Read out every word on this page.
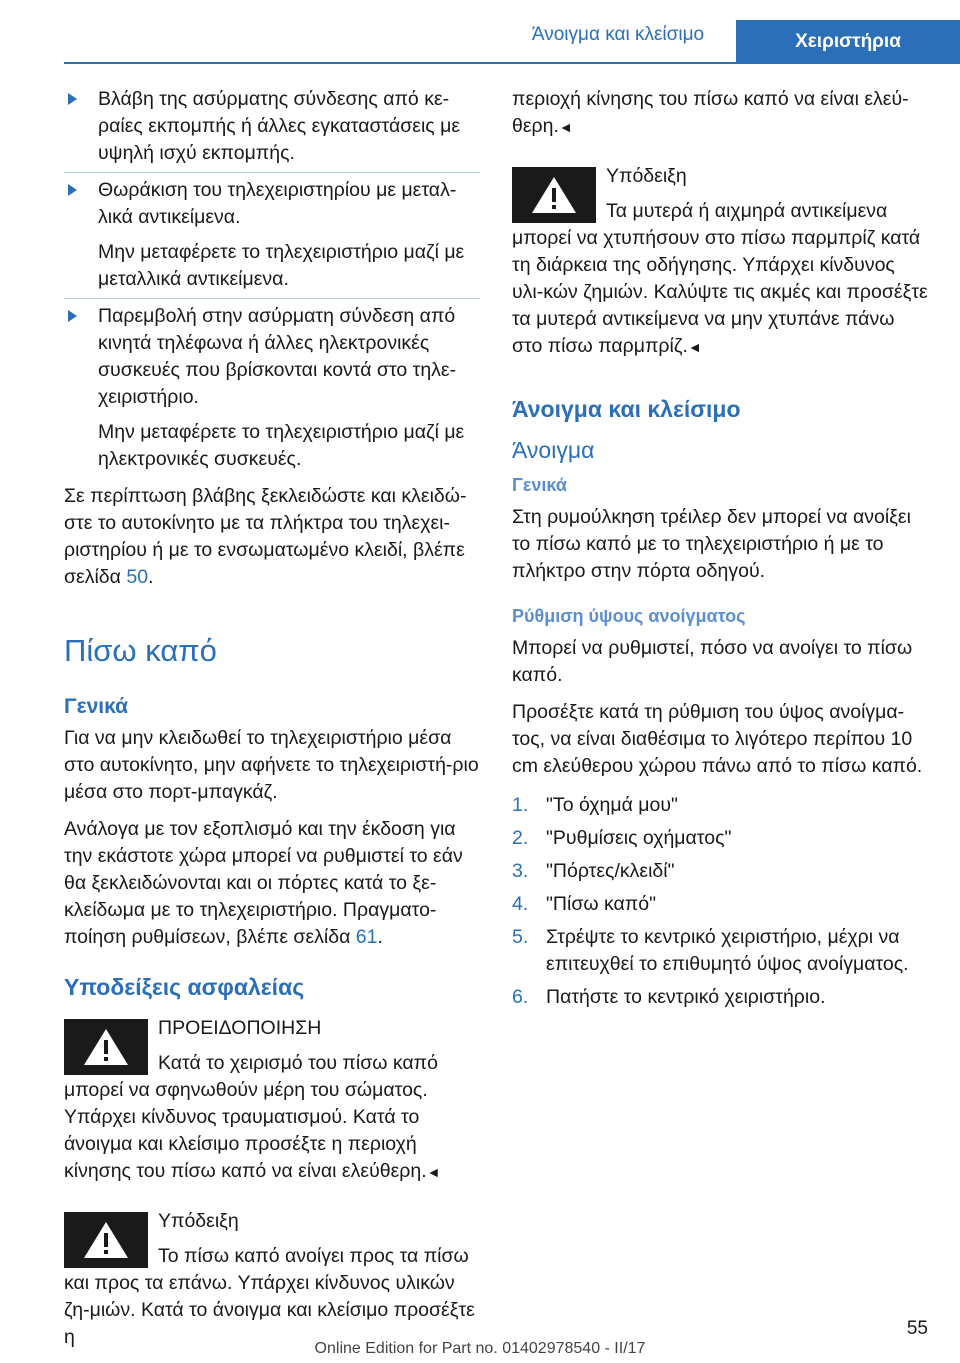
Άνοιγμα και κλείσιμο	Χειριστήρια

Βλάβη της ασύρματης σύνδεσης από κε-ραίες εκπομπής ή άλλες εγκαταστάσεις με υψηλή ισχύ εκπομπής.

Θωράκιση του τηλεχειριστηρίου με μεταλ-λικά αντικείμενα.

Μην μεταφέρετε το τηλεχειριστήριο μαζί με μεταλλικά αντικείμενα.

Παρεμβολή στην ασύρματη σύνδεση από κινητά τηλέφωνα ή άλλες ηλεκτρονικές συσκευές που βρίσκονται κοντά στο τηλε-χειριστήριο.

Μην μεταφέρετε το τηλεχειριστήριο μαζί με ηλεκτρονικές συσκευές.

Σε περίπτωση βλάβης ξεκλειδώστε και κλειδώ-στε το αυτοκίνητο με τα πλήκτρα του τηλεχει-ριστηρίου ή με το ενσωματωμένο κλειδί, βλέπε σελίδα 50.

Πίσω καπό
Γενικά

Για να μην κλειδωθεί το τηλεχειριστήριο μέσα στο αυτοκίνητο, μην αφήνετε το τηλεχειριστή-ριο μέσα στο πορτ-μπαγκάζ.

Ανάλογα με τον εξοπλισμό και την έκδοση για την εκάστοτε χώρα μπορεί να ρυθμιστεί το εάν θα ξεκλειδώνονται και οι πόρτες κατά το ξε-κλείδωμα με το τηλεχειριστήριο. Πραγματο-ποίηση ρυθμίσεων, βλέπε σελίδα 61.

Υποδείξεις ασφαλείας

ΠΡΟΕΙΔΟΠΟΙΗΣΗ

Κατά το χειρισμό του πίσω καπό μπορεί να σφηνωθούν μέρη του σώματος. Υπάρχει κίνδυνος τραυματισμού. Κατά το άνοιγμα και κλείσιμο προσέξτε η περιοχή κίνησης του πίσω καπό να είναι ελεύθερη.◄

Υπόδειξη

Το πίσω καπό ανοίγει προς τα πίσω και προς τα επάνω. Υπάρχει κίνδυνος υλικών ζη-μιών. Κατά το άνοιγμα και κλείσιμο προσέξτε η

περιοχή κίνησης του πίσω καπό να είναι ελεύ-θερη.◄

Υπόδειξη

Τα μυτερά ή αιχμηρά αντικείμενα μπορεί να χτυπήσουν στο πίσω παρμπρίζ κατά τη διάρκεια της οδήγησης. Υπάρχει κίνδυνος υλι-κών ζημιών. Καλύψτε τις ακμές και προσέξτε τα μυτερά αντικείμενα να μην χτυπάνε πάνω στο πίσω παρμπρίζ.◄

Άνοιγμα και κλείσιμο
Άνοιγμα
Γενικά

Στη ρυμούλκηση τρέιλερ δεν μπορεί να ανοίξει το πίσω καπό με το τηλεχειριστήριο ή με το πλήκτρο στην πόρτα οδηγού.

Ρύθμιση ύψους ανοίγματος

Μπορεί να ρυθμιστεί, πόσο να ανοίγει το πίσω καπό.

Προσέξτε κατά τη ρύθμιση του ύψος ανοίγμα-τος, να είναι διαθέσιμα το λιγότερο περίπου 10 cm ελεύθερου χώρου πάνω από το πίσω καπό.

1. "Το όχημά μου"
2. "Ρυθμίσεις οχήματος"
3. "Πόρτες/κλειδί"
4. "Πίσω καπό"
5. Στρέψτε το κεντρικό χειριστήριο, μέχρι να επιτευχθεί το επιθυμητό ύψος ανοίγματος.
6. Πατήστε το κεντρικό χειριστήριο.
55
Online Edition for Part no. 01402978540 - II/17
